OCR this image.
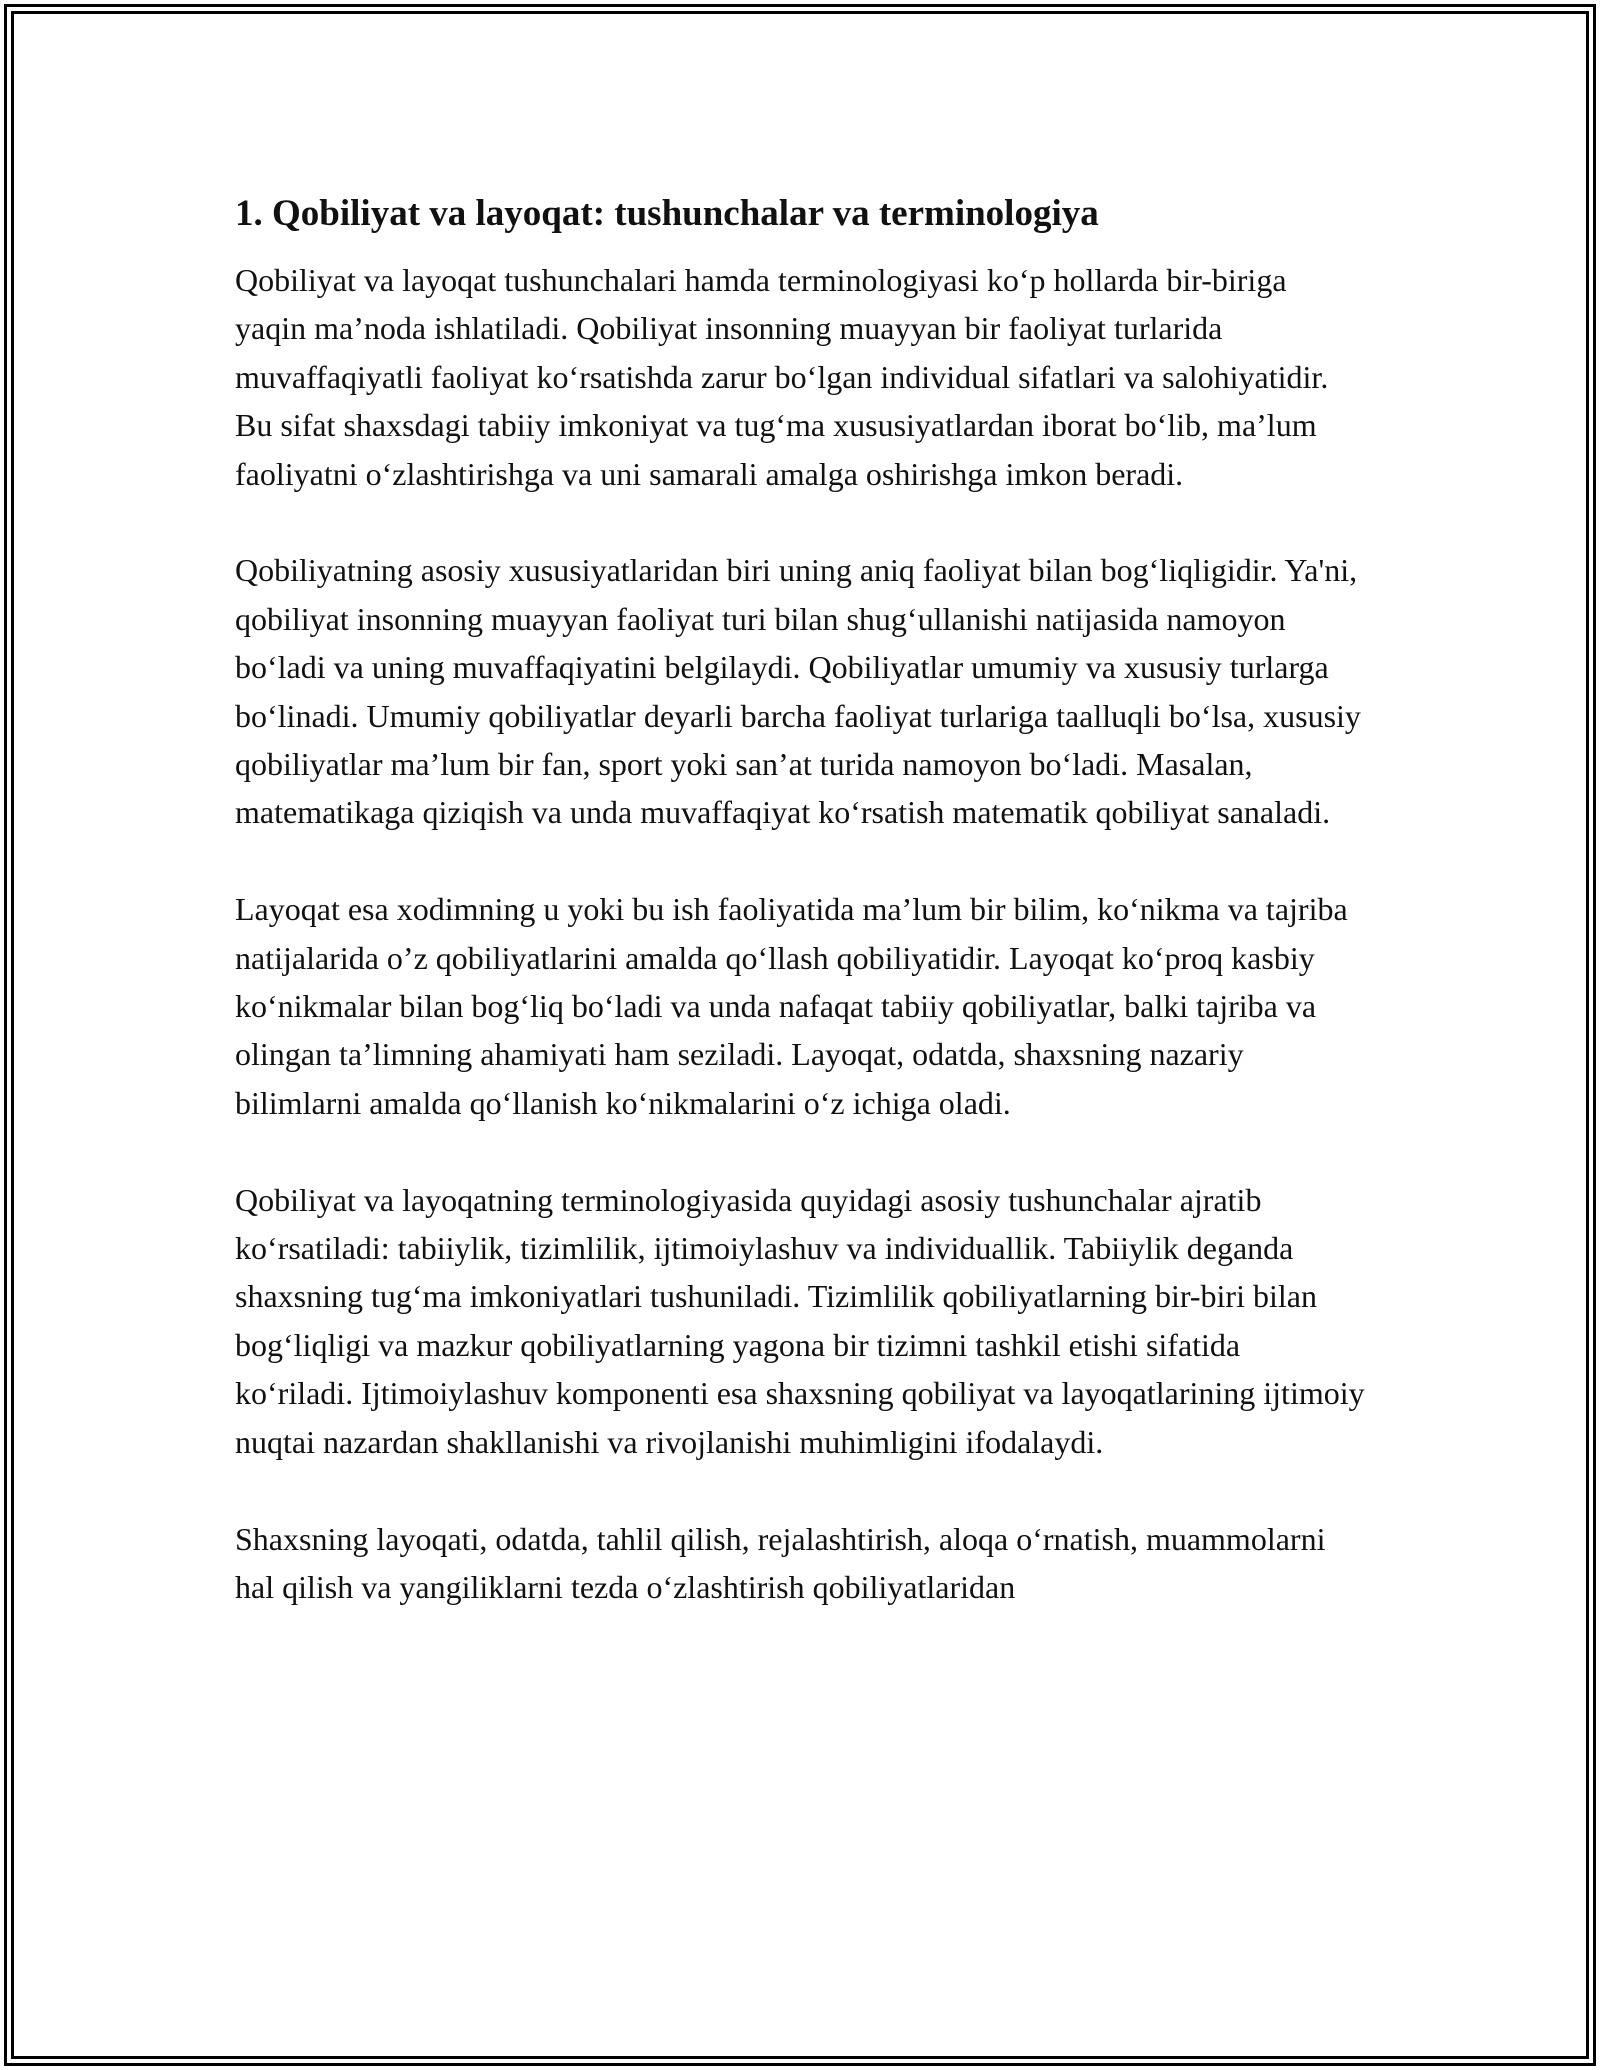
1. Qobiliyat va layoqat: tushunchalar va terminologiya

Qobiliyat va layoqat tushunchalari hamda terminologiyasi ko‘p hollarda bir-biriga yaqin ma’noda ishlatiladi. Qobiliyat insonning muayyan bir faoliyat turlarida muvaffaqiyatli faoliyat ko‘rsatishda zarur bo‘lgan individual sifatlari va salohiyatidir. Bu sifat shaxsdagi tabiiy imkoniyat va tug‘ma xususiyatlardan iborat bo‘lib, ma’lum faoliyatni o‘zlashtirishga va uni samarali amalga oshirishga imkon beradi.

Qobiliyatning asosiy xususiyatlaridan biri uning aniq faoliyat bilan bog‘liqligidir. Ya'ni, qobiliyat insonning muayyan faoliyat turi bilan shug‘ullanishi natijasida namoyon bo‘ladi va uning muvaffaqiyatini belgilaydi. Qobiliyatlar umumiy va xususiy turlarga bo‘linadi. Umumiy qobiliyatlar deyarli barcha faoliyat turlariga taalluqli bo‘lsa, xususiy qobiliyatlar ma’lum bir fan, sport yoki san’at turida namoyon bo‘ladi. Masalan, matematikaga qiziqish va unda muvaffaqiyat ko‘rsatish matematik qobiliyat sanaladi.

Layoqat esa xodimning u yoki bu ish faoliyatida ma’lum bir bilim, ko‘nikma va tajriba natijalarida o’z qobiliyatlarini amalda qo‘llash qobiliyatidir. Layoqat ko‘proq kasbiy ko‘nikmalar bilan bog‘liq bo‘ladi va unda nafaqat tabiiy qobiliyatlar, balki tajriba va olingan ta’limning ahamiyati ham seziladi. Layoqat, odatda, shaxsning nazariy bilimlarni amalda qo‘llanish ko‘nikmalarini o‘z ichiga oladi.

Qobiliyat va layoqatning terminologiyasida quyidagi asosiy tushunchalar ajratib ko‘rsatiladi: tabiiylik, tizimlilik, ijtimoiylashuv va individuallik. Tabiiylik deganda shaxsning tug‘ma imkoniyatlari tushuniladi. Tizimlilik qobiliyatlarning bir-biri bilan bog‘liqligi va mazkur qobiliyatlarning yagona bir tizimni tashkil etishi sifatida ko‘riladi. Ijtimoiylashuv komponenti esa shaxsning qobiliyat va layoqatlarining ijtimoiy nuqtai nazardan shakllanishi va rivojlanishi muhimligini ifodalaydi.

Shaxsning layoqati, odatda, tahlil qilish, rejalashtirish, aloqa o‘rnatish, muammolarni hal qilish va yangiliklarni tezda o‘zlashtirish qobiliyatlaridan
